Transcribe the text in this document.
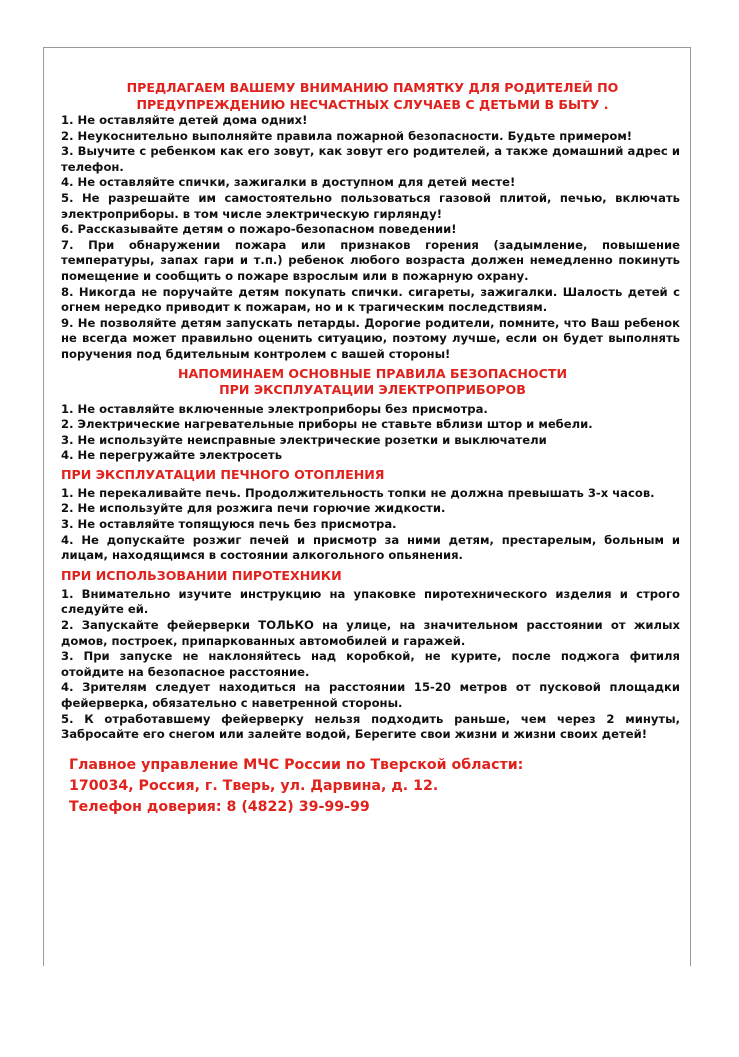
ПРЕДЛАГАЕМ ВАШЕМУ ВНИМАНИЮ ПАМЯТКУ ДЛЯ РОДИТЕЛЕЙ ПО
ПРЕДУПРЕЖДЕНИЮ НЕСЧАСТНЫХ СЛУЧАЕВ С ДЕТЬМИ В БЫТУ .
1. Не оставляйте детей дома одних!
2. Неукоснительно выполняйте правила пожарной безопасности. Будьте примером!
3. Выучите с ребенком как его зовут, как зовут его родителей, а также домашний адрес и телефон.
4. Не оставляйте спички, зажигалки в доступном для детей месте!
5. Не разрешайте им самостоятельно пользоваться газовой плитой, печью, включать электроприборы. в том числе электрическую гирлянду!
6. Рассказывайте детям о пожаро-безопасном поведении!
7. При обнаружении пожара или признаков горения (задымление, повышение температуры, запах гари и т.п.) ребенок любого возраста должен немедленно покинуть помещение и сообщить о пожаре взрослым или в пожарную охрану.
8. Никогда не поручайте детям покупать спички. сигареты, зажигалки. Шалость детей с огнем нередко приводит к пожарам, но и к трагическим последствиям.
9. Не позволяйте детям запускать петарды. Дорогие родители, помните, что Ваш ребенок не всегда может правильно оценить ситуацию, поэтому лучше, если он будет выполнять поручения под бдительным контролем с вашей стороны!
НАПОМИНАЕМ ОСНОВНЫЕ ПРАВИЛА БЕЗОПАСНОСТИ
ПРИ ЭКСПЛУАТАЦИИ ЭЛЕКТРОПРИБОРОВ
1. Не оставляйте включенные электроприборы без присмотра.
2. Электрические нагревательные приборы не ставьте вблизи штор и мебели.
3. Не используйте неисправные электрические розетки и выключатели
4. Не перегружайте электросеть
ПРИ ЭКСПЛУАТАЦИИ ПЕЧНОГО ОТОПЛЕНИЯ
1. Не перекаливайте печь. Продолжительность топки не должна превышать 3-х часов.
2. Не используйте для розжига печи горючие жидкости.
3. Не оставляйте топящуюся печь без присмотра.
4. Не допускайте розжиг печей и присмотр за ними детям, престарелым, больным и лицам, находящимся в состоянии алкогольного опьянения.
ПРИ ИСПОЛЬЗОВАНИИ ПИРОТЕХНИКИ
1. Внимательно изучите инструкцию на упаковке пиротехнического изделия и строго следуйте ей.
2. Запускайте фейерверки ТОЛЬКО на улице, на значительном расстоянии от жилых домов, построек, припаркованных автомобилей и гаражей.
3. При запуске не наклоняйтесь над коробкой, не курите, после поджога фитиля отойдите на безопасное расстояние.
4. Зрителям следует находиться на расстоянии 15-20 метров от пусковой площадки фейерверка, обязательно с наветренной стороны.
5. К отработавшему фейерверку нельзя подходить раньше, чем через 2 минуты, Забросайте его снегом или залейте водой, Берегите свои жизни и жизни своих детей!
Главное управление МЧС России по Тверской области:
170034, Россия, г. Тверь, ул. Дарвина, д. 12.
Телефон доверия: 8 (4822) 39-99-99
